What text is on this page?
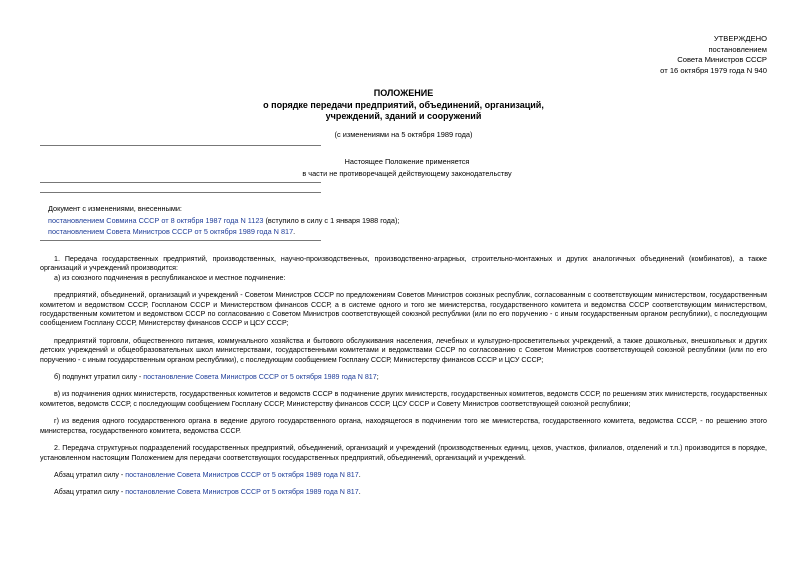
УТВЕРЖДЕНО
постановлением
Совета Министров СССР
от 16 октября 1979 года N 940
ПОЛОЖЕНИЕ
о порядке передачи предприятий, объединений, организаций,
учреждений, зданий и сооружений
(с изменениями на 5 октября 1989 года)
Настоящее Положение применяется
в части не противоречащей действующему законодательству
Документ с изменениями, внесенными:
постановлением Совмина СССР от 8 октября 1987 года N 1123 (вступило в силу с 1 января 1988 года);
постановлением Совета Министров СССР от 5 октября 1989 года N 817.

1. Передача государственных предприятий, производственных, научно-производственных, производственно-аграрных, строительно-монтажных и других аналогичных объединений (комбинатов), а также организаций и учреждений производится:

а) из союзного подчинения в республиканское и местное подчинение:

предприятий, объединений, организаций и учреждений - Советом Министров СССР по предложениям Советов Министров союзных республик, согласованным с соответствующим министерством, государственным комитетом и ведомством СССР, Госпланом СССР и Министерством финансов СССР, а в системе одного и того же министерства, государственного комитета и ведомства СССР соответствующим министерством, государственным комитетом и ведомством СССР по согласованию с Советом Министров соответствующей союзной республики (или по его поручению - с иным государственным органом республики), с последующим сообщением Госплану СССР, Министерству финансов СССР и ЦСУ СССР;

предприятий торговли, общественного питания, коммунального хозяйства и бытового обслуживания населения, лечебных и культурно-просветительных учреждений, а также дошкольных, внешкольных и других детских учреждений и общеобразовательных школ министерствами, государственными комитетами и ведомствами СССР по согласованию с Советом Министров соответствующей союзной республики (или по его поручению - с иным государственным органом республики), с последующим сообщением Госплану СССР, Министерству финансов СССР и ЦСУ СССР;

б) подпункт утратил силу - постановление Совета Министров СССР от 5 октября 1989 года N 817;

в) из подчинения одних министерств, государственных комитетов и ведомств СССР в подчинение других министерств, государственных комитетов, ведомств СССР, по решениям этих министерств, государственных комитетов, ведомств СССР, с последующим сообщением Госплану СССР, Министерству финансов СССР, ЦСУ СССР и Совету Министров соответствующей союзной республики;

г) из ведения одного государственного органа в ведение другого государственного органа, находящегося в подчинении того же министерства, государственного комитета, ведомства СССР, - по решению этого министерства, государственного комитета, ведомства СССР.

2. Передача структурных подразделений государственных предприятий, объединений, организаций и учреждений (производственных единиц, цехов, участков, филиалов, отделений и т.п.) производится в порядке, установленном настоящим Положением для передачи соответствующих государственных предприятий, объединений, организаций и учреждений.

Абзац утратил силу - постановление Совета Министров СССР от 5 октября 1989 года N 817.

Абзац утратил силу - постановление Совета Министров СССР от 5 октября 1989 года N 817.
